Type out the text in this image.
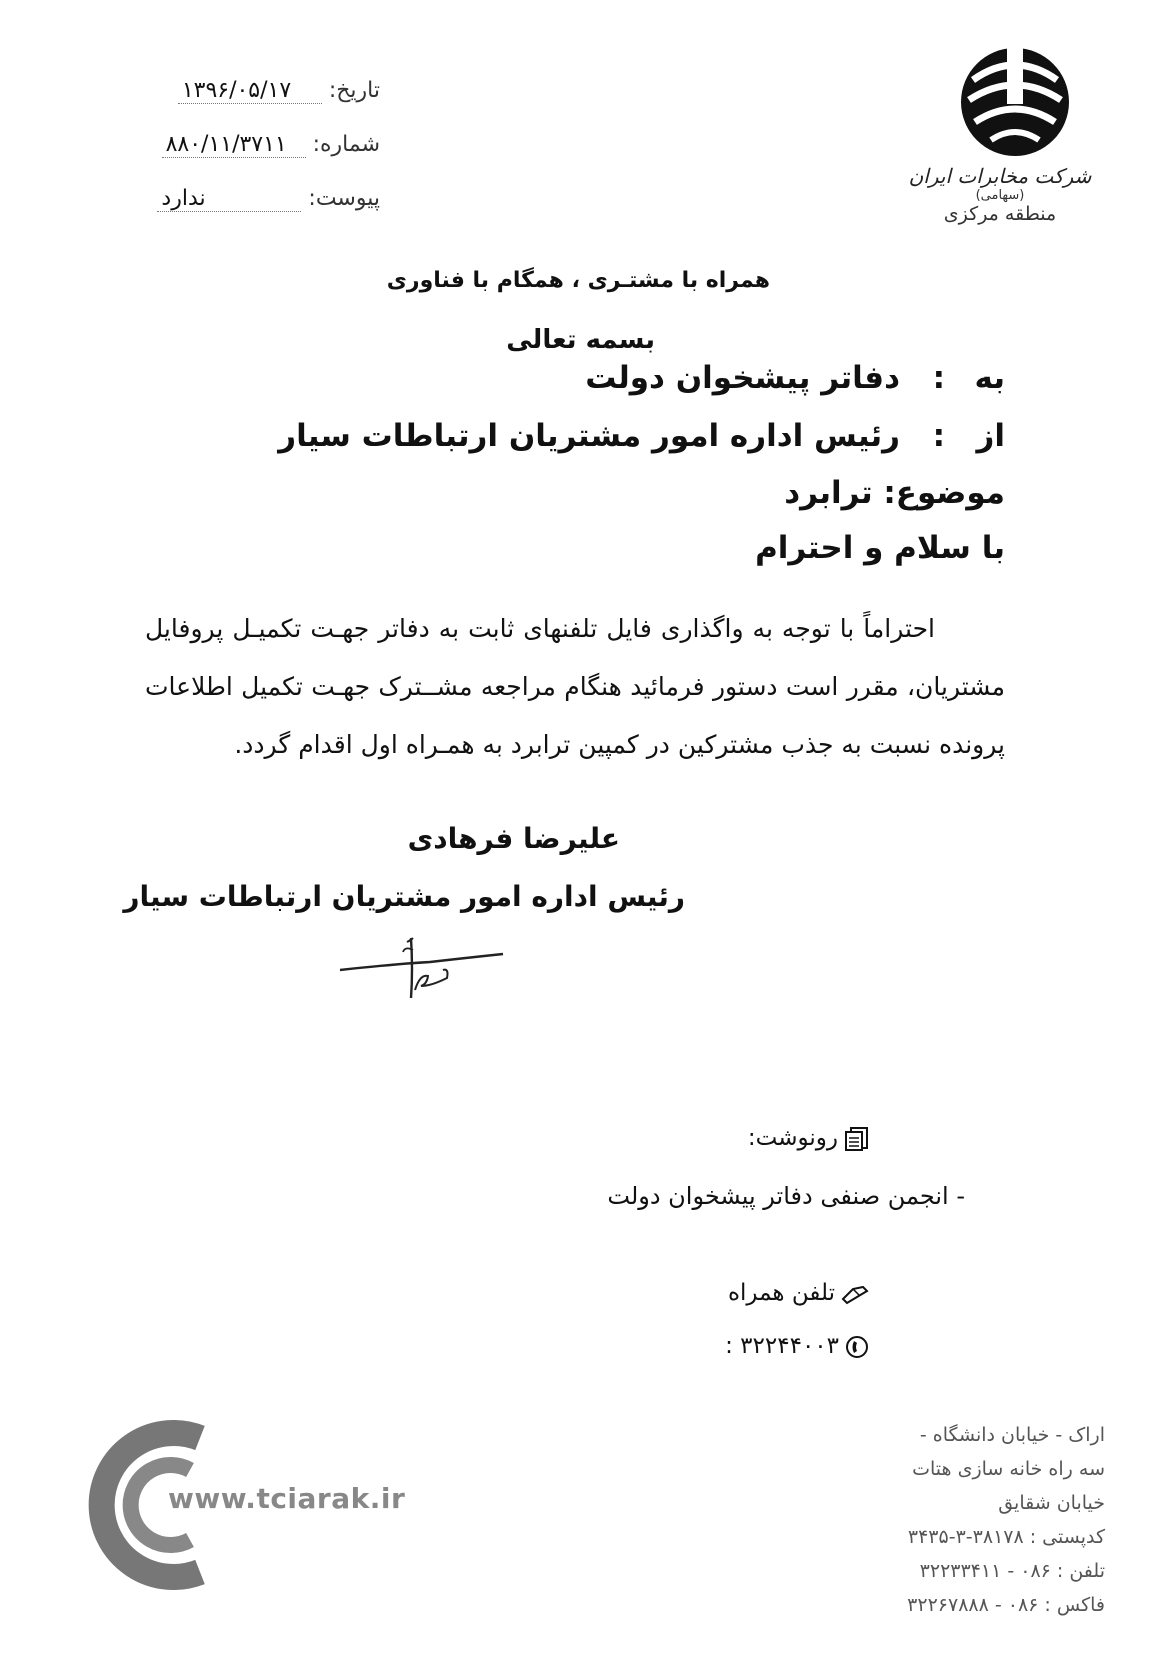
تاریخ: ۱۳۹۶/۰۵/۱۷
شماره: ۸۸۰/۱۱/۳۷۱۱
پیوست: ندارد
شرکت مخابرات ایران
(سهامی)
منطقه مرکزی
همراه با مشتـری ، همگام با فناوری
بسمه تعالی
به:دفاتر پیشخوان دولت
از:رئیس اداره امور مشتریان ارتباطات سیار
موضوع: ترابرد
با سلام و احترام
احتراماً با توجه به واگذاری فایل تلفنهای ثابت به دفاتر جهـت تکمیـل پروفایل مشتریان، مقرر است دستور فرمائید هنگام مراجعه مشــترک جهـت تکمیل اطلاعات پرونده نسبت به جذب مشترکین در کمپین ترابرد به همـراه اول اقدام گردد.
علیرضا فرهادی
رئیس اداره امور مشتریان ارتباطات سیار
رونوشت:
- انجمن صنفی دفاتر پیشخوان دولت
تلفن همراه
۳۲۲۴۴۰۰۳ :
اراک - خیابان دانشگاه -
سه راه خانه سازی هتات
خیابان شقایق
کدپستی : ۳۸۱۷۸-۳-۳۴۳۵
تلفن : ۰۸۶ - ۳۲۲۳۳۴۱۱
فاکس : ۰۸۶ - ۳۲۲۶۷۸۸۸
www.tciarak.ir
